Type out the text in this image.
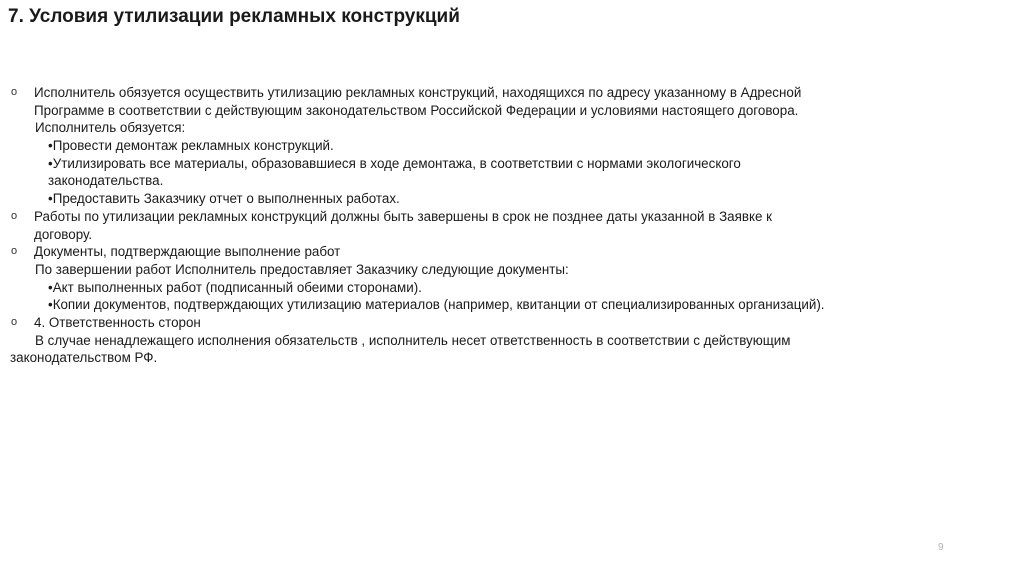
7. Условия утилизации рекламных конструкций
o Исполнитель обязуется осуществить утилизацию рекламных конструкций, находящихся по адресу указанному в Адресной
Программе в соответствии с действующим законодательством Российской Федерации и условиями настоящего договора.
Исполнитель обязуется:
•Провести демонтаж рекламных конструкций.
•Утилизировать все материалы, образовавшиеся в ходе демонтажа, в соответствии с нормами экологического
законодательства.
•Предоставить Заказчику отчет о выполненных работах.
o Работы по утилизации рекламных конструкций должны быть завершены в срок не позднее даты указанной в Заявке к
договору.
o Документы, подтверждающие выполнение работ
По завершении работ Исполнитель предоставляет Заказчику следующие документы:
•Акт выполненных работ (подписанный обеими сторонами).
•Копии документов, подтверждающих утилизацию материалов (например, квитанции от специализированных организаций).
o 4. Ответственность сторон
В случае ненадлежащего исполнения обязательств , исполнитель несет ответственность в соответствии с действующим
законодательством РФ.
9
